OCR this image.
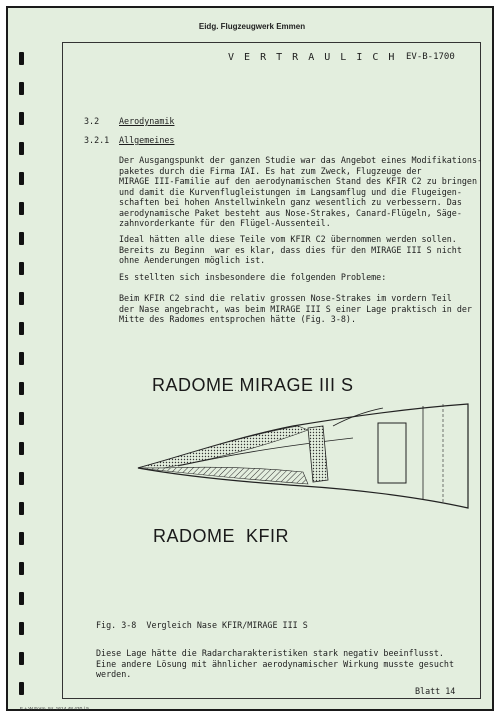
Eidg. Flugzeugwerk Emmen
V E R T R A U L I C H EV-B-1700
3.2 Aerodynamik
3.2.1 Allgemeines
Der Ausgangspunkt der ganzen Studie war das Angebot eines Modifikations-
paketes durch die Firma IAI. Es hat zum Zweck, Flugzeuge der
MIRAGE III-Familie auf den aerodynamischen Stand des KFIR C2 zu bringen
und damit die Kurvenflugleistungen im Langsamflug und die Flugeigen-
schaften bei hohen Anstellwinkeln ganz wesentlich zu verbessern. Das
aerodynamische Paket besteht aus Nose-Strakes, Canard-Flügeln, Säge-
zahnvorderkante für den Flügel-Aussenteil.
Ideal hätten alle diese Teile vom KFIR C2 übernommen werden sollen.
Bereits zu Beginn  war es klar, dass dies für den MIRAGE III S nicht
ohne Aenderungen möglich ist.
Es stellten sich insbesondere die folgenden Probleme:
Beim KFIR C2 sind die relativ grossen Nose-Strakes im vordern Teil
der Nase angebracht, was beim MIRAGE III S einer Lage praktisch in der
Mitte des Radomes entsprochen hätte (Fig. 3-8).
RADOME MIRAGE III S
RADOME  KFIR
Fig. 3-8  Vergleich Nase KFIR/MIRAGE III S
Diese Lage hätte die Radarcharakteristiken stark negativ beeinflusst.
Eine andere Lösung mit ähnlicher aerodynamischer Wirkung musste gesucht
werden.
Blatt 14
F + W Form. Nr. 1614 48 430 / 5
